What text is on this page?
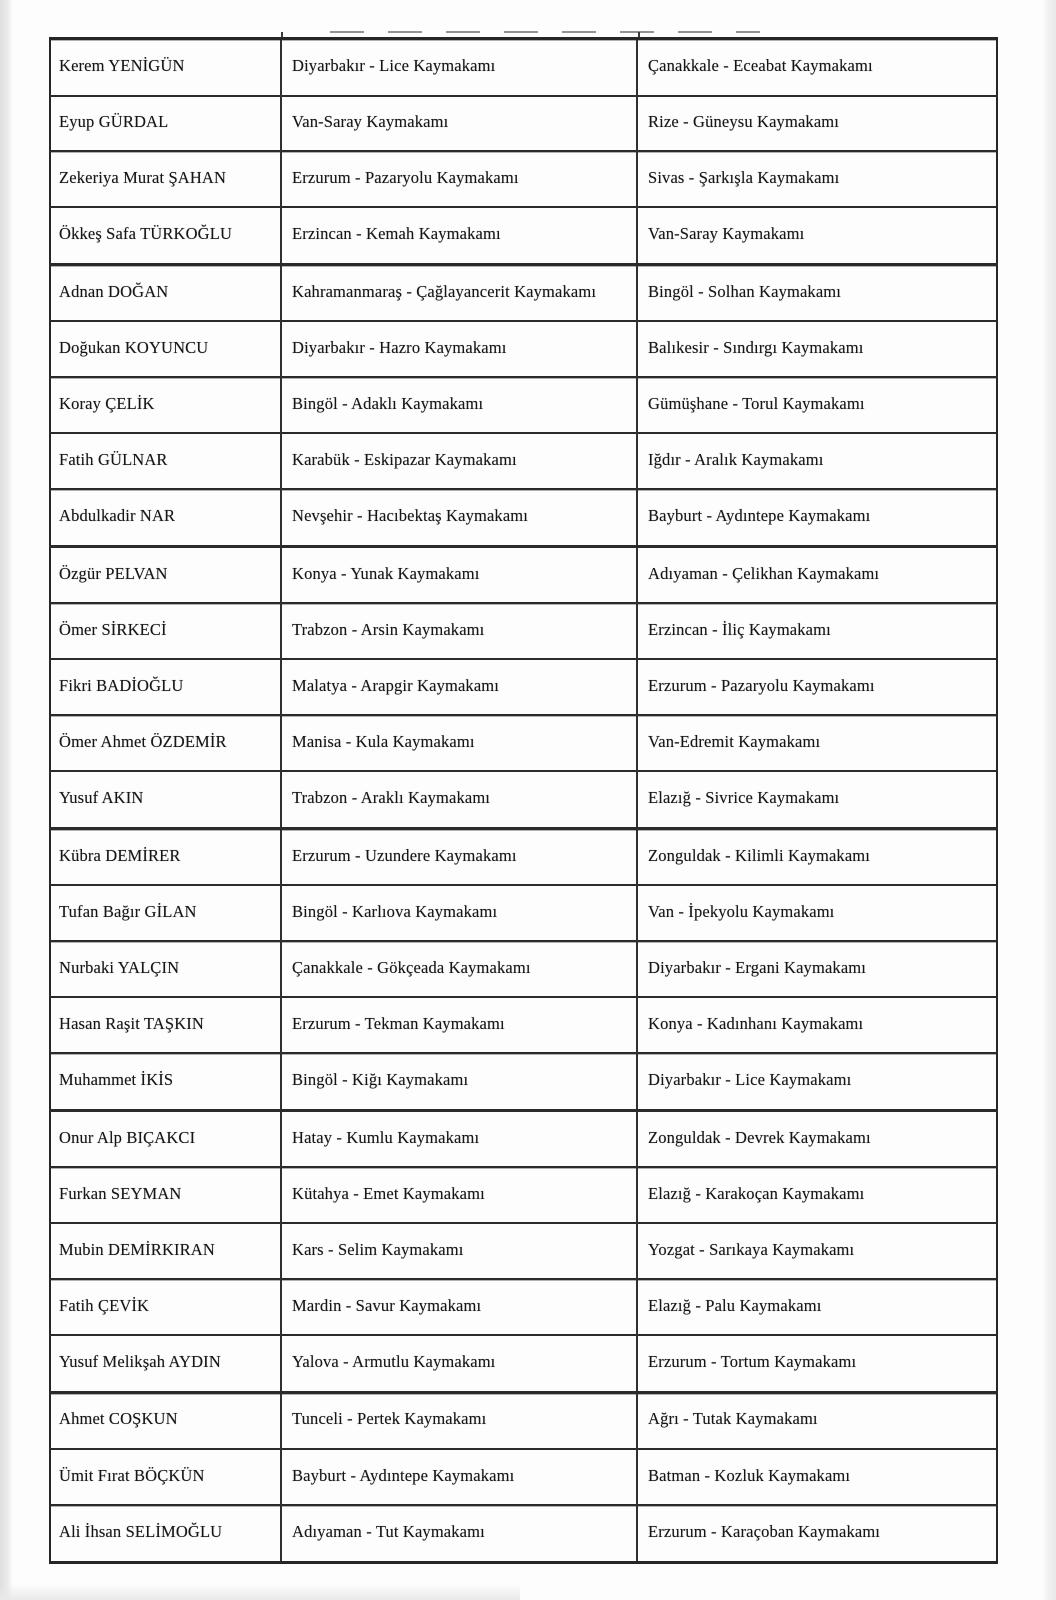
Kerem YENİGÜN	Diyarbakır - Lice Kaymakamı	Çanakkale - Eceabat Kaymakamı
Eyup GÜRDAL	Van-Saray Kaymakamı	Rize - Güneysu Kaymakamı
Zekeriya Murat ŞAHAN	Erzurum - Pazaryolu Kaymakamı	Sivas - Şarkışla Kaymakamı
Ökkeş Safa TÜRKOĞLU	Erzincan - Kemah Kaymakamı	Van-Saray Kaymakamı
Adnan DOĞAN	Kahramanmaraş - Çağlayancerit Kaymakamı	Bingöl - Solhan Kaymakamı
Doğukan KOYUNCU	Diyarbakır - Hazro Kaymakamı	Balıkesir - Sındırgı Kaymakamı
Koray ÇELİK	Bingöl - Adaklı Kaymakamı	Gümüşhane - Torul Kaymakamı
Fatih GÜLNAR	Karabük - Eskipazar Kaymakamı	Iğdır - Aralık Kaymakamı
Abdulkadir NAR	Nevşehir - Hacıbektaş Kaymakamı	Bayburt - Aydıntepe Kaymakamı
Özgür PELVAN	Konya - Yunak Kaymakamı	Adıyaman - Çelikhan Kaymakamı
Ömer SİRKECİ	Trabzon - Arsin Kaymakamı	Erzincan - İliç Kaymakamı
Fikri BADİOĞLU	Malatya - Arapgir Kaymakamı	Erzurum - Pazaryolu Kaymakamı
Ömer Ahmet ÖZDEMİR	Manisa - Kula Kaymakamı	Van-Edremit Kaymakamı
Yusuf AKIN	Trabzon - Araklı Kaymakamı	Elazığ - Sivrice Kaymakamı
Kübra DEMİRER	Erzurum - Uzundere Kaymakamı	Zonguldak - Kilimli Kaymakamı
Tufan Bağır GİLAN	Bingöl - Karlıova Kaymakamı	Van - İpekyolu Kaymakamı
Nurbaki YALÇIN	Çanakkale - Gökçeada Kaymakamı	Diyarbakır - Ergani Kaymakamı
Hasan Raşit TAŞKIN	Erzurum - Tekman Kaymakamı	Konya - Kadınhanı Kaymakamı
Muhammet İKİS	Bingöl - Kiğı Kaymakamı	Diyarbakır - Lice Kaymakamı
Onur Alp BIÇAKCI	Hatay - Kumlu Kaymakamı	Zonguldak - Devrek Kaymakamı
Furkan SEYMAN	Kütahya - Emet Kaymakamı	Elazığ - Karakoçan Kaymakamı
Mubin DEMİRKIRAN	Kars - Selim Kaymakamı	Yozgat - Sarıkaya Kaymakamı
Fatih ÇEVİK	Mardin - Savur Kaymakamı	Elazığ - Palu Kaymakamı
Yusuf Melikşah AYDIN	Yalova - Armutlu Kaymakamı	Erzurum - Tortum Kaymakamı
Ahmet COŞKUN	Tunceli - Pertek Kaymakamı	Ağrı - Tutak Kaymakamı
Ümit Fırat BÖÇKÜN	Bayburt - Aydıntepe Kaymakamı	Batman - Kozluk Kaymakamı
Ali İhsan SELİMOĞLU	Adıyaman - Tut Kaymakamı	Erzurum - Karaçoban Kaymakamı
